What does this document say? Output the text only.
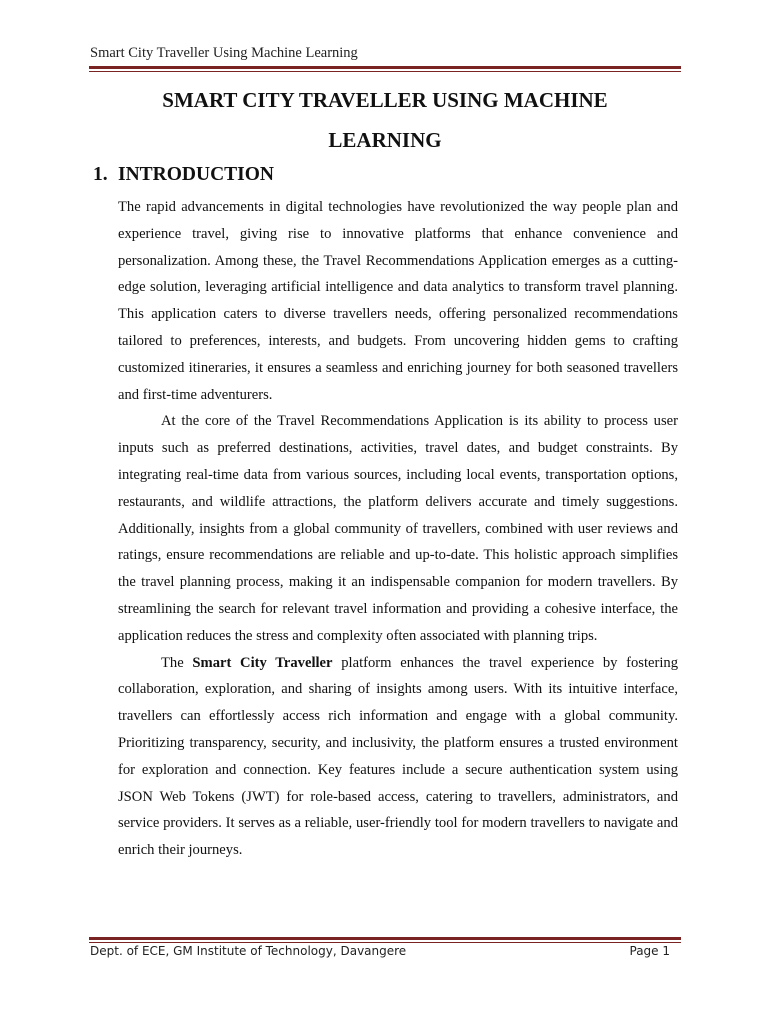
Smart City Traveller Using Machine Learning
SMART CITY TRAVELLER USING MACHINE
LEARNING
1. INTRODUCTION

The rapid advancements in digital technologies have revolutionized the way people plan and experience travel, giving rise to innovative platforms that enhance convenience and personalization. Among these, the Travel Recommendations Application emerges as a cutting- edge solution, leveraging artificial intelligence and data analytics to transform travel planning. This application caters to diverse travellers needs, offering personalized recommendations tailored to preferences, interests, and budgets. From uncovering hidden gems to crafting customized itineraries, it ensures a seamless and enriching journey for both seasoned travellers and first-time adventurers.

At the core of the Travel Recommendations Application is its ability to process user inputs such as preferred destinations, activities, travel dates, and budget constraints. By integrating real-time data from various sources, including local events, transportation options, restaurants, and wildlife attractions, the platform delivers accurate and timely suggestions. Additionally, insights from a global community of travellers, combined with user reviews and ratings, ensure recommendations are reliable and up-to-date. This holistic approach simplifies the travel planning process, making it an indispensable companion for modern travellers. By streamlining the search for relevant travel information and providing a cohesive interface, the application reduces the stress and complexity often associated with planning trips.

The Smart City Traveller platform enhances the travel experience by fostering collaboration, exploration, and sharing of insights among users. With its intuitive interface, travellers can effortlessly access rich information and engage with a global community. Prioritizing transparency, security, and inclusivity, the platform ensures a trusted environment for exploration and connection. Key features include a secure authentication system using JSON Web Tokens (JWT) for role-based access, catering to travellers, administrators, and service providers. It serves as a reliable, user-friendly tool for modern travellers to navigate and enrich their journeys.

Dept. of ECE, GM Institute of Technology, Davangere	Page 1
